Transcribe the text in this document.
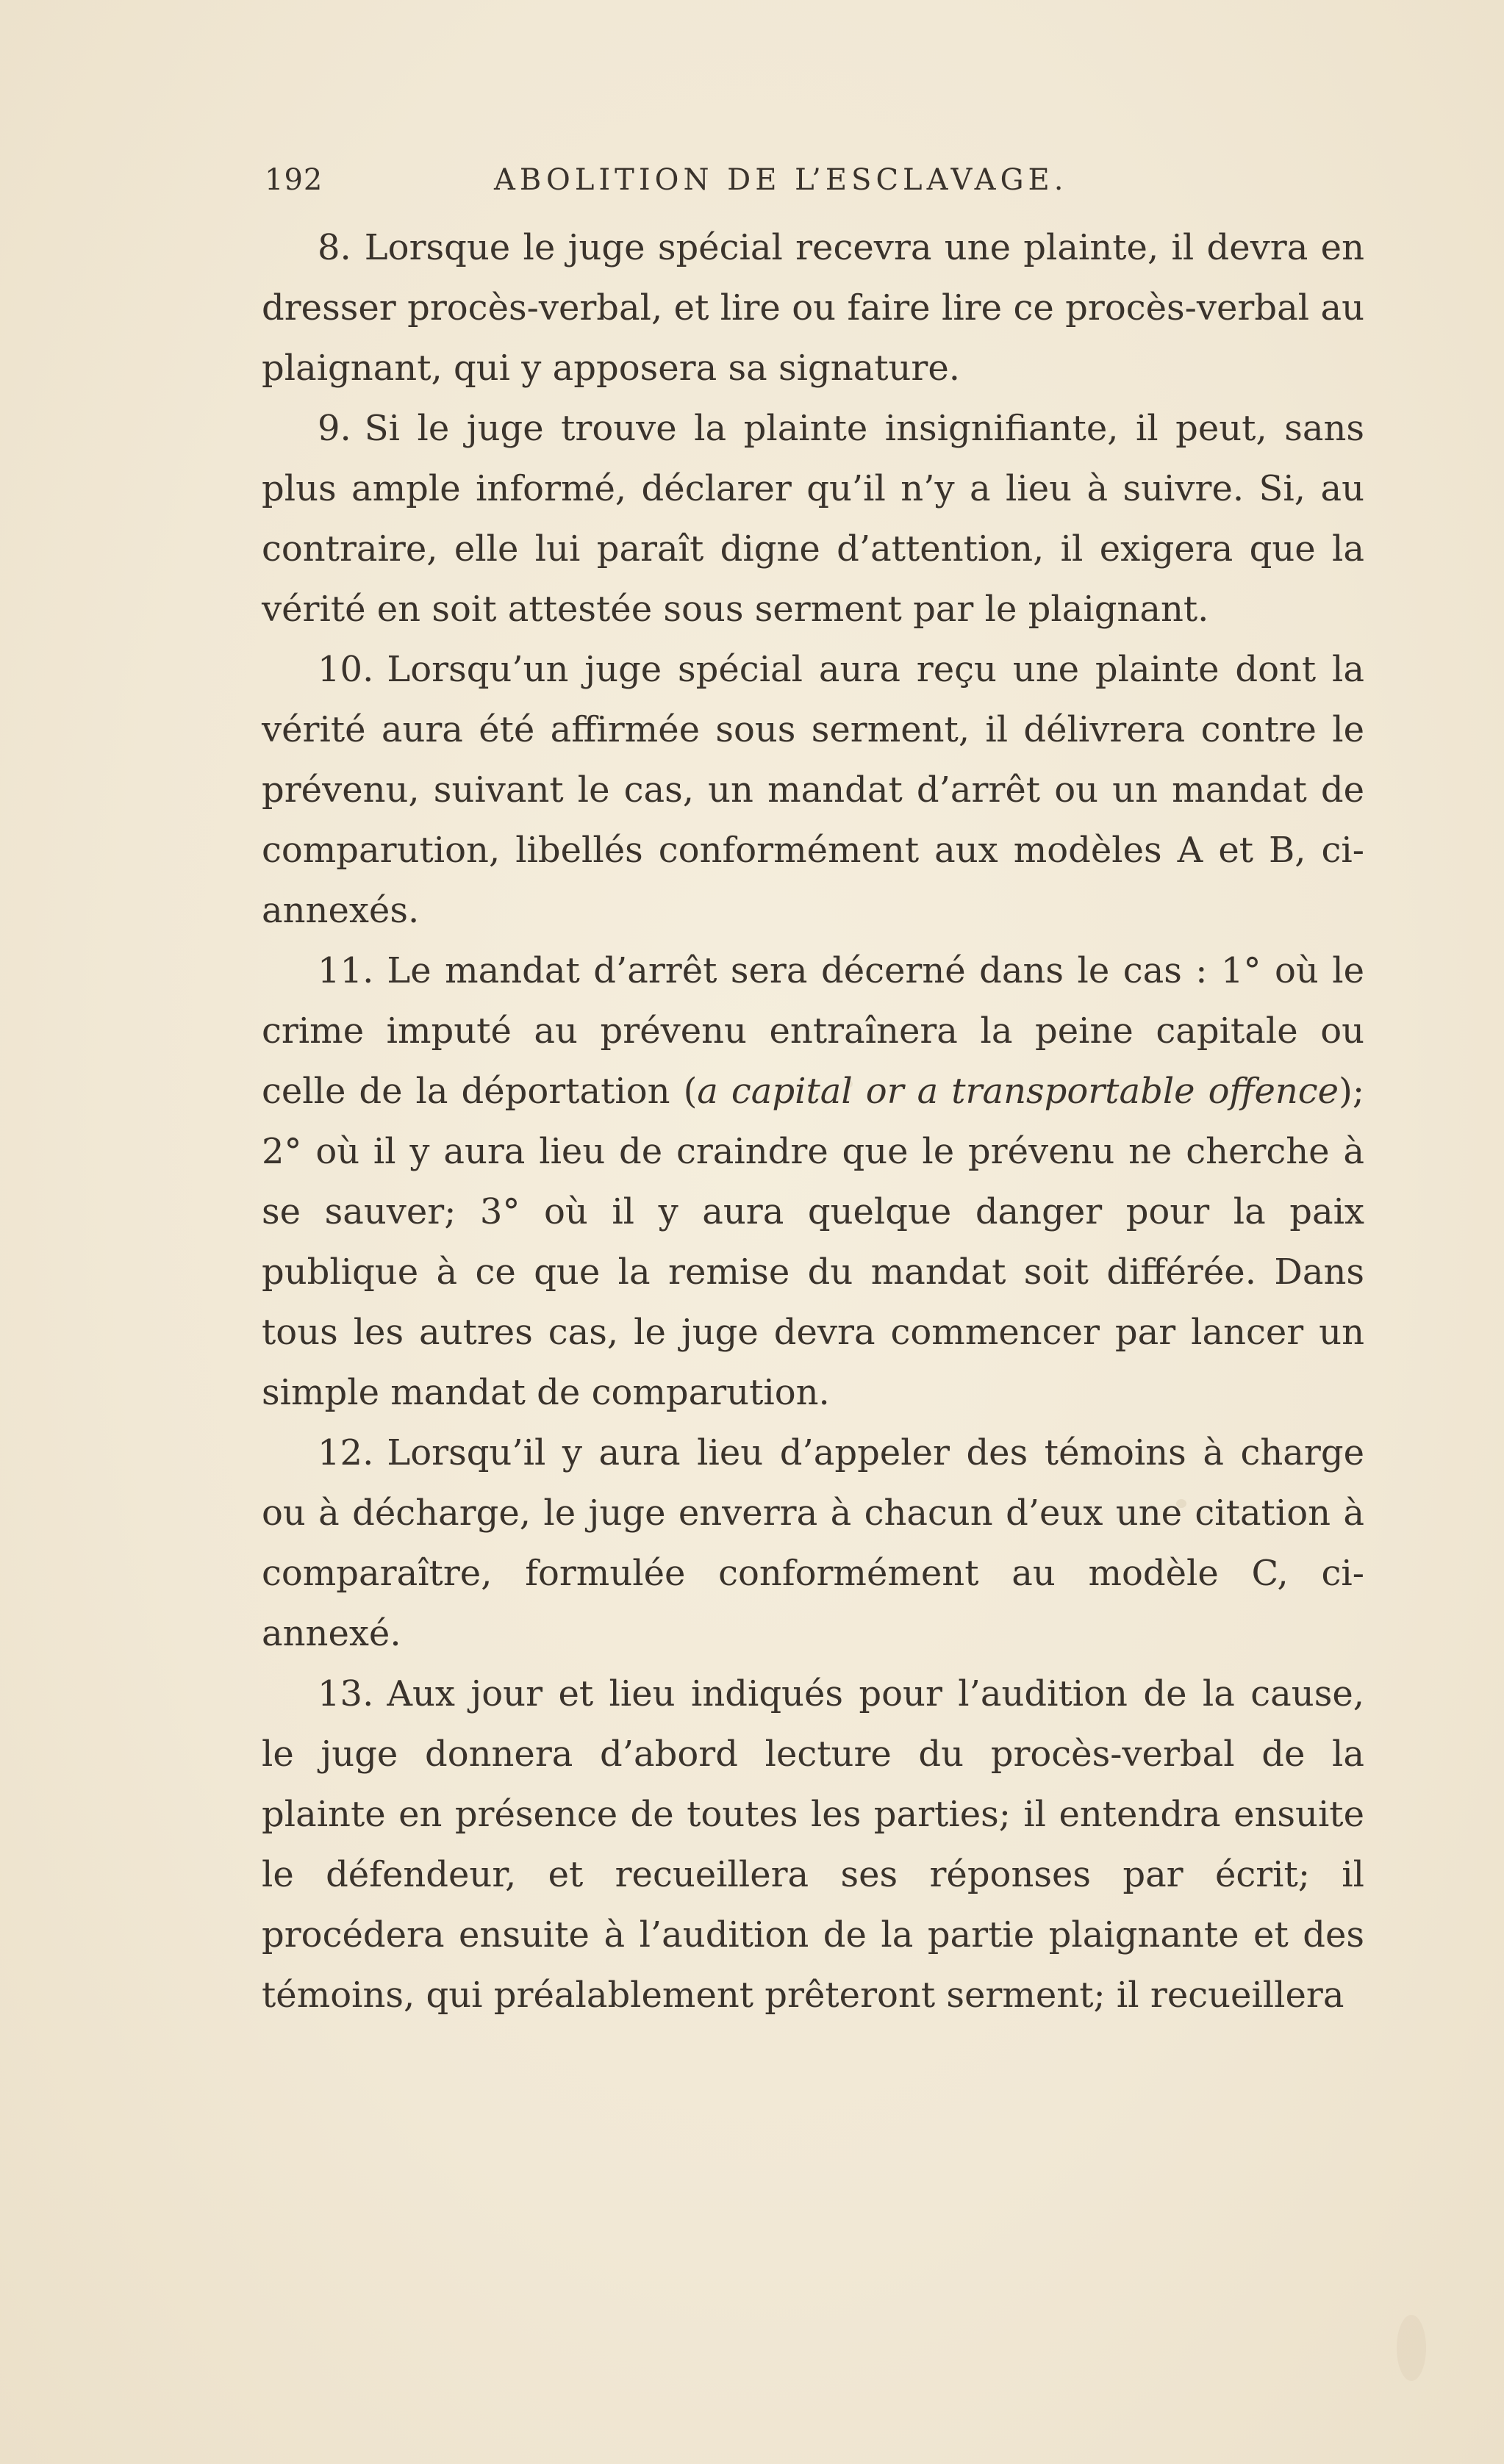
192	ABOLITION DE L’ESCLAVAGE.

8. Lorsque le juge spécial recevra une plainte, il devra en dresser procès-verbal, et lire ou faire lire ce procès-verbal au plaignant, qui y apposera sa signature.

9. Si le juge trouve la plainte insignifiante, il peut, sans plus ample informé, déclarer qu’il n’y a lieu à suivre. Si, au contraire, elle lui paraît digne d’attention, il exigera que la vérité en soit attestée sous serment par le plaignant.

10. Lorsqu’un juge spécial aura reçu une plainte dont la vérité aura été affirmée sous serment, il délivrera contre le prévenu, suivant le cas, un mandat d’arrêt ou un mandat de comparution, libellés conformément aux modèles A et B, ci-annexés.

11. Le mandat d’arrêt sera décerné dans le cas : 1° où le crime imputé au prévenu entraînera la peine capitale ou celle de la déportation (a capital or a transportable offence); 2° où il y aura lieu de craindre que le prévenu ne cherche à se sauver; 3° où il y aura quelque danger pour la paix publique à ce que la remise du mandat soit différée. Dans tous les autres cas, le juge devra commencer par lancer un simple mandat de comparution.

12. Lorsqu’il y aura lieu d’appeler des témoins à charge ou à décharge, le juge enverra à chacun d’eux une citation à comparaître, formulée conformément au modèle C, ci-annexé.

13. Aux jour et lieu indiqués pour l’audition de la cause, le juge donnera d’abord lecture du procès-verbal de la plainte en présence de toutes les parties; il entendra ensuite le défendeur, et recueillera ses réponses par écrit; il procédera ensuite à l’audition de la partie plaignante et des témoins, qui préalablement prêteront serment; il recueillera
